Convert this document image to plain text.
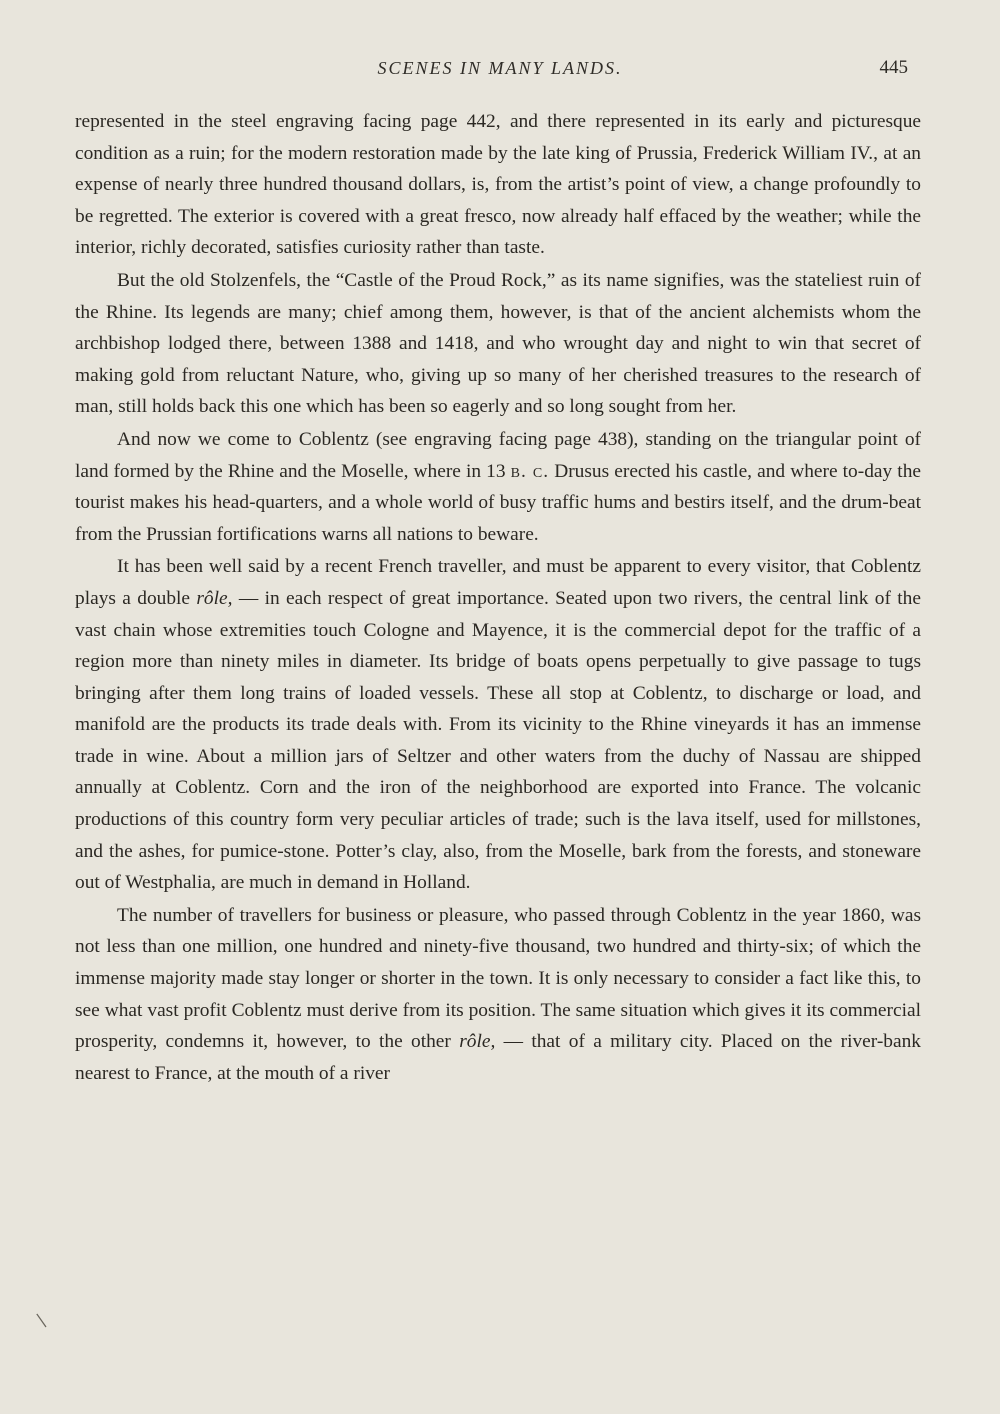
SCENES IN MANY LANDS.	445

represented in the steel engraving facing page 442, and there represented in its early and picturesque condition as a ruin; for the modern restoration made by the late king of Prussia, Frederick William IV., at an expense of nearly three hundred thousand dollars, is, from the artist’s point of view, a change profoundly to be regretted. The exterior is covered with a great fresco, now already half effaced by the weather; while the interior, richly decorated, satisfies curiosity rather than taste.

But the old Stolzenfels, the “Castle of the Proud Rock,” as its name signifies, was the stateliest ruin of the Rhine. Its legends are many; chief among them, however, is that of the ancient alchemists whom the archbishop lodged there, between 1388 and 1418, and who wrought day and night to win that secret of making gold from reluctant Nature, who, giving up so many of her cherished treasures to the research of man, still holds back this one which has been so eagerly and so long sought from her.

And now we come to Coblentz (see engraving facing page 438), standing on the triangular point of land formed by the Rhine and the Moselle, where in 13 b. c. Drusus erected his castle, and where to-day the tourist makes his head-quarters, and a whole world of busy traffic hums and bestirs itself, and the drum-beat from the Prussian fortifications warns all nations to beware.

It has been well said by a recent French traveller, and must be apparent to every visitor, that Coblentz plays a double rôle, — in each respect of great importance. Seated upon two rivers, the central link of the vast chain whose extremities touch Cologne and Mayence, it is the commercial depot for the traffic of a region more than ninety miles in diameter. Its bridge of boats opens perpetually to give passage to tugs bringing after them long trains of loaded vessels. These all stop at Coblentz, to discharge or load, and manifold are the products its trade deals with. From its vicinity to the Rhine vineyards it has an immense trade in wine. About a million jars of Seltzer and other waters from the duchy of Nassau are shipped annually at Coblentz. Corn and the iron of the neighborhood are exported into France. The volcanic productions of this country form very peculiar articles of trade; such is the lava itself, used for millstones, and the ashes, for pumice-stone. Potter’s clay, also, from the Moselle, bark from the forests, and stoneware out of Westphalia, are much in demand in Holland.

The number of travellers for business or pleasure, who passed through Coblentz in the year 1860, was not less than one million, one hundred and ninety-five thousand, two hundred and thirty-six; of which the immense majority made stay longer or shorter in the town. It is only necessary to consider a fact like this, to see what vast profit Coblentz must derive from its position. The same situation which gives it its commercial prosperity, condemns it, however, to the other rôle, — that of a military city. Placed on the river-bank nearest to France, at the mouth of a river

|
